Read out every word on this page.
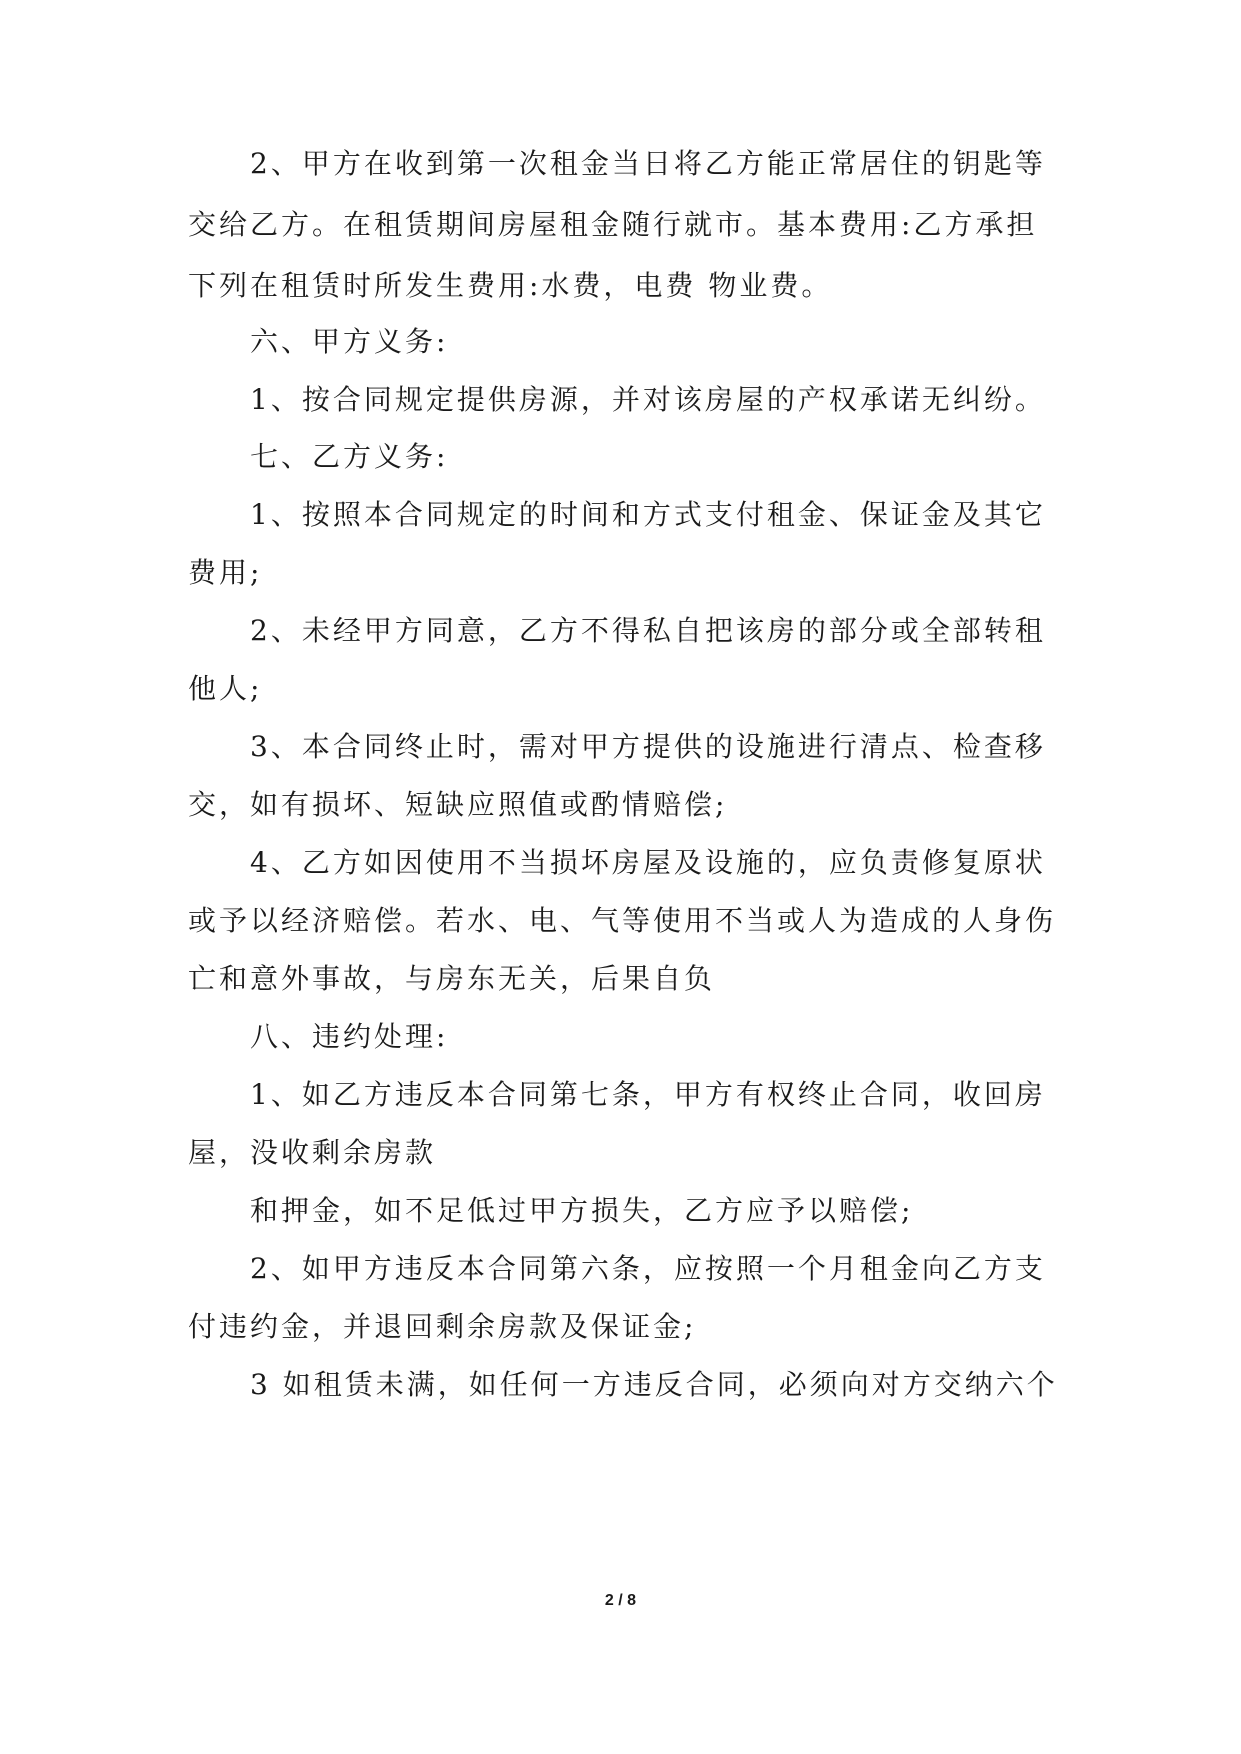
2、甲方在收到第一次租金当日将乙方能正常居住的钥匙等
交给乙方。在租赁期间房屋租金随行就市。基本费用:乙方承担
下列在租赁时所发生费用:水费，电费 物业费。
六、甲方义务:
1、按合同规定提供房源，并对该房屋的产权承诺无纠纷。
七、乙方义务:
1、按照本合同规定的时间和方式支付租金、保证金及其它
费用;
2、未经甲方同意，乙方不得私自把该房的部分或全部转租
他人;
3、本合同终止时，需对甲方提供的设施进行清点、检查移
交，如有损坏、短缺应照值或酌情赔偿;
4、乙方如因使用不当损坏房屋及设施的，应负责修复原状
或予以经济赔偿。若水、电、气等使用不当或人为造成的人身伤
亡和意外事故，与房东无关，后果自负
八、违约处理:
1、如乙方违反本合同第七条，甲方有权终止合同，收回房
屋，没收剩余房款
和押金，如不足低过甲方损失，乙方应予以赔偿;
2、如甲方违反本合同第六条，应按照一个月租金向乙方支
付违约金，并退回剩余房款及保证金;
3 如租赁未满，如任何一方违反合同，必须向对方交纳六个
2 / 8
